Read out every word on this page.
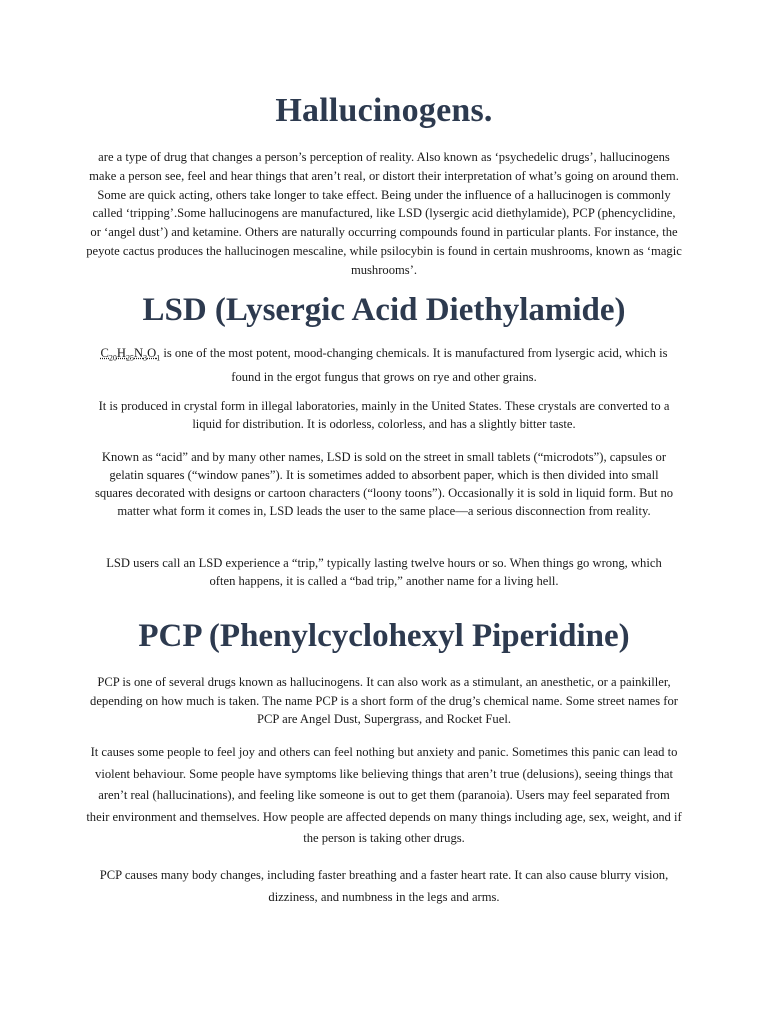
Hallucinogens.

are a type of drug that changes a person’s perception of reality. Also known as ‘psychedelic drugs’, hallucinogens make a person see, feel and hear things that aren’t real, or distort their interpretation of what’s going on around them. Some are quick acting, others take longer to take effect. Being under the influence of a hallucinogen is commonly called ‘tripping’.Some hallucinogens are manufactured, like LSD (lysergic acid diethylamide), PCP (phencyclidine, or ‘angel dust’) and ketamine. Others are naturally occurring compounds found in particular plants. For instance, the peyote cactus produces the hallucinogen mescaline, while psilocybin is found in certain mushrooms, known as ‘magic mushrooms’.

LSD (Lysergic Acid Diethylamide)

$C_{20}H_{25}N_3O_1$ is one of the most potent, mood-changing chemicals. It is manufactured from lysergic acid, which is found in the ergot fungus that grows on rye and other grains.

It is produced in crystal form in illegal laboratories, mainly in the United States. These crystals are converted to a liquid for distribution. It is odorless, colorless, and has a slightly bitter taste.

Known as “acid” and by many other names, LSD is sold on the street in small tablets (“microdots”), capsules or gelatin squares (“window panes”). It is sometimes added to absorbent paper, which is then divided into small squares decorated with designs or cartoon characters (“loony toons”). Occasionally it is sold in liquid form. But no matter what form it comes in, LSD leads the user to the same place—a serious disconnection from reality.

LSD users call an LSD experience a “trip,” typically lasting twelve hours or so. When things go wrong, which often happens, it is called a “bad trip,” another name for a living hell.

PCP (Phenylcyclohexyl Piperidine)

PCP is one of several drugs known as hallucinogens. It can also work as a stimulant, an anesthetic, or a painkiller, depending on how much is taken. The name PCP is a short form of the drug’s chemical name. Some street names for PCP are Angel Dust, Supergrass, and Rocket Fuel.

It causes some people to feel joy and others can feel nothing but anxiety and panic. Sometimes this panic can lead to violent behaviour. Some people have symptoms like believing things that aren’t true (delusions), seeing things that aren’t real (hallucinations), and feeling like someone is out to get them (paranoia). Users may feel separated from their environment and themselves. How people are affected depends on many things including age, sex, weight, and if the person is taking other drugs.

PCP causes many body changes, including faster breathing and a faster heart rate. It can also cause blurry vision, dizziness, and numbness in the legs and arms.
